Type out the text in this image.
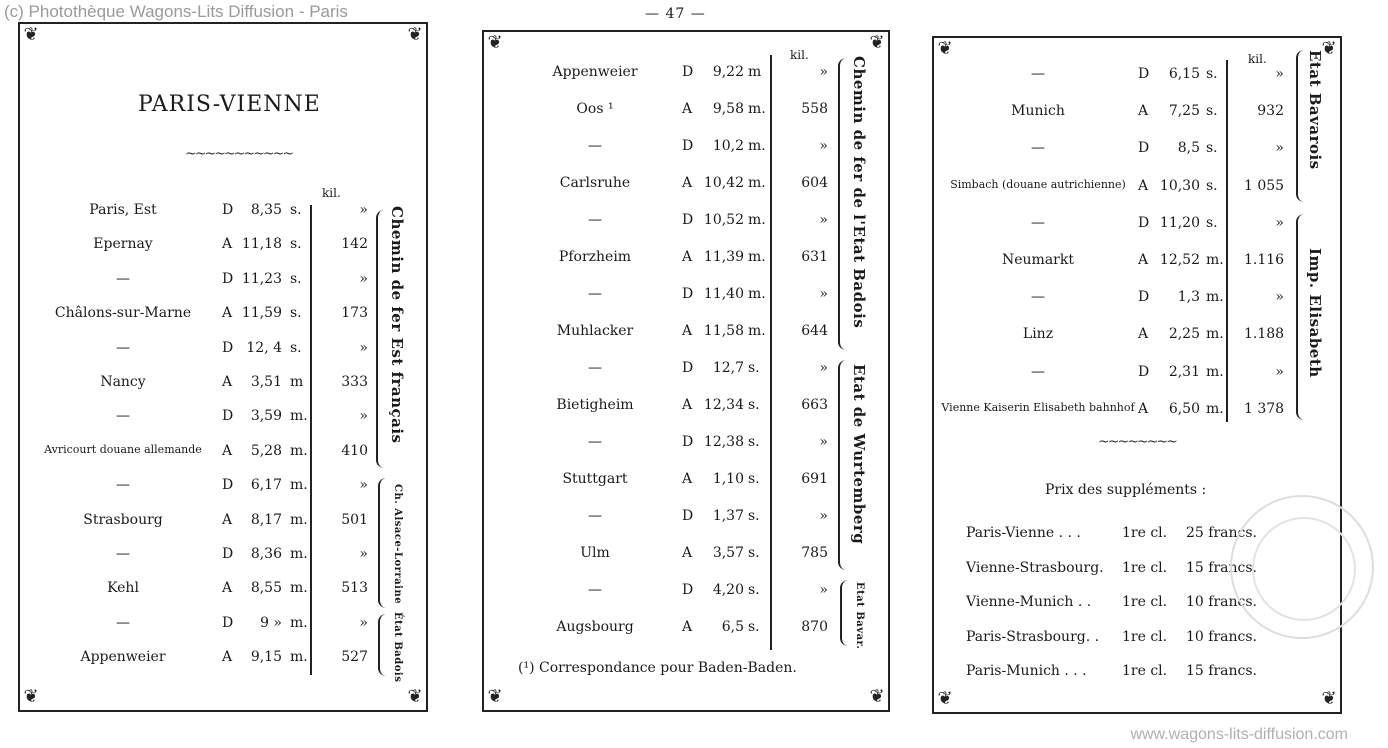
(c) Photothèque Wagons-Lits Diffusion - Paris
www.wagons-lits-diffusion.com
— 47 —
❦	❦
❦	❦
PARIS-VIENNE
~~~~~~~~~~~
kil.
Paris, Est	D	8,35 s.	»
Epernay	A 11,18 s.	142
—	D 11,23 s.	»
Châlons-sur-Marne	A 11,59 s.	173
—	D 12, 4 s.	»
Nancy	A	3,51 m	333
—	D	3,59 m.	»
Avricourt douane allemande	A	5,28 m.	410
—	D	6,17 m.	»
Strasbourg	A	8,17 m.	501
—	D	8,36 m.	»
Kehl	A	8,55 m.	513
—	D	9 » m.	»
Appenweier	A	9,15 m.	527
Chemin de fer Est français
Ch. Alsace-Lorraine
État Badois
❦	❦
❦	❦
kil.
Appenweier	D	9,22 m	»
Oos ¹	A	9,58 m.	558
—	D	10,2 m.	»
Carlsruhe	A 10,42 m.	604
—	D 10,52 m.	»
Pforzheim	A 11,39 m.	631
—	D 11,40 m.	»
Muhlacker	A 11,58 m.	644
—	D	12,7 s.	»
Bietigheim	A 12,34 s.	663
—	D 12,38 s.	»
Stuttgart	A	1,10 s.	691
—	D	1,37 s.	»
Ulm	A	3,57 s.	785
—	D	4,20 s.	»
Augsbourg	A	6,5 s.	870
Chemin de fer de l'Etat Badois
Etat de Wurtemberg
Etat Bavar.
(¹) Correspondance pour Baden-Baden.
❦	❦
❦	❦
kil.
—	D	6,15 s.	»
Munich	A	7,25 s.	932
—	D	8,5 s.	»
Simbach (douane autrichienne) A 10,30 s. 1 055
—	D 11,20 s.	»
Neumarkt	A 12,52 m. 1.116
—	D	1,3 m.	»
Linz	A	2,25 m. 1.188
—	D	2,31 m.	»
Vienne Kaiserin Elisabeth bahnhof A	6,50 m. 1 378
Etat Bavarois
Imp. Elisabeth
~~~~~~~~
Prix des suppléments :
Paris-Vienne . . .	1re cl. 25 francs.
Vienne-Strasbourg. 1re cl. 15 francs.
Vienne-Munich . . 1re cl. 10 francs.
Paris-Strasbourg. . 1re cl. 10 francs.
Paris-Munich . . .	1re cl. 15 francs.
